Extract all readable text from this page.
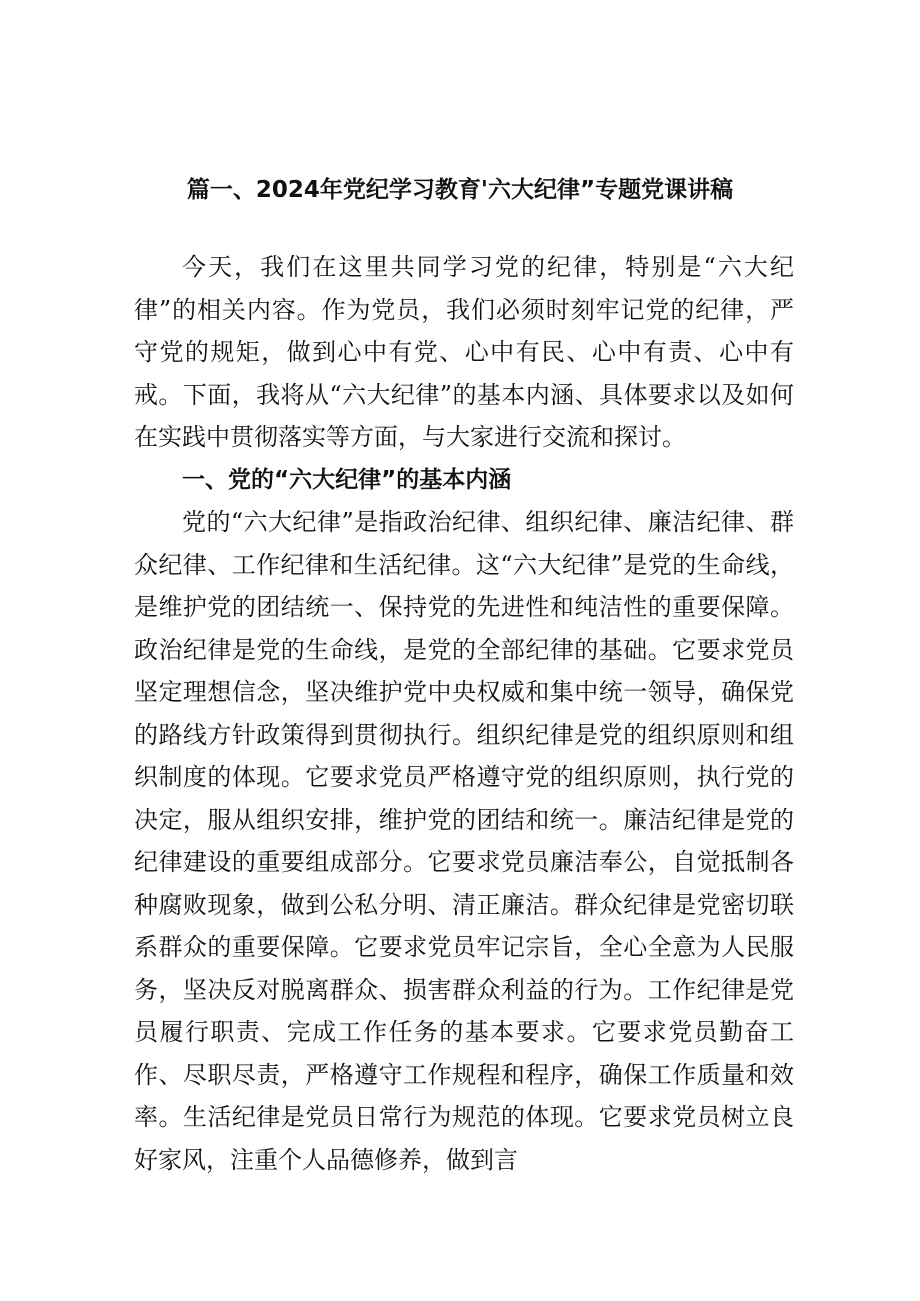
篇一、2024年党纪学习教育'六大纪律”专题党课讲稿

今天，我们在这里共同学习党的纪律，特别是“六大纪律”的相关内容。作为党员，我们必须时刻牢记党的纪律，严守党的规矩，做到心中有党、心中有民、心中有责、心中有戒。下面，我将从“六大纪律”的基本内涵、具体要求以及如何在实践中贯彻落实等方面，与大家进行交流和探讨。

一、党的“六大纪律”的基本内涵

党的“六大纪律”是指政治纪律、组织纪律、廉洁纪律、群众纪律、工作纪律和生活纪律。这“六大纪律”是党的生命线，是维护党的团结统一、保持党的先进性和纯洁性的重要保障。政治纪律是党的生命线，是党的全部纪律的基础。它要求党员坚定理想信念，坚决维护党中央权威和集中统一领导，确保党的路线方针政策得到贯彻执行。组织纪律是党的组织原则和组织制度的体现。它要求党员严格遵守党的组织原则，执行党的决定，服从组织安排，维护党的团结和统一。廉洁纪律是党的纪律建设的重要组成部分。它要求党员廉洁奉公，自觉抵制各种腐败现象，做到公私分明、清正廉洁。群众纪律是党密切联系群众的重要保障。它要求党员牢记宗旨，全心全意为人民服务，坚决反对脱离群众、损害群众利益的行为。工作纪律是党员履行职责、完成工作任务的基本要求。它要求党员勤奋工作、尽职尽责，严格遵守工作规程和程序，确保工作质量和效率。生活纪律是党员日常行为规范的体现。它要求党员树立良好家风，注重个人品德修养，做到言
